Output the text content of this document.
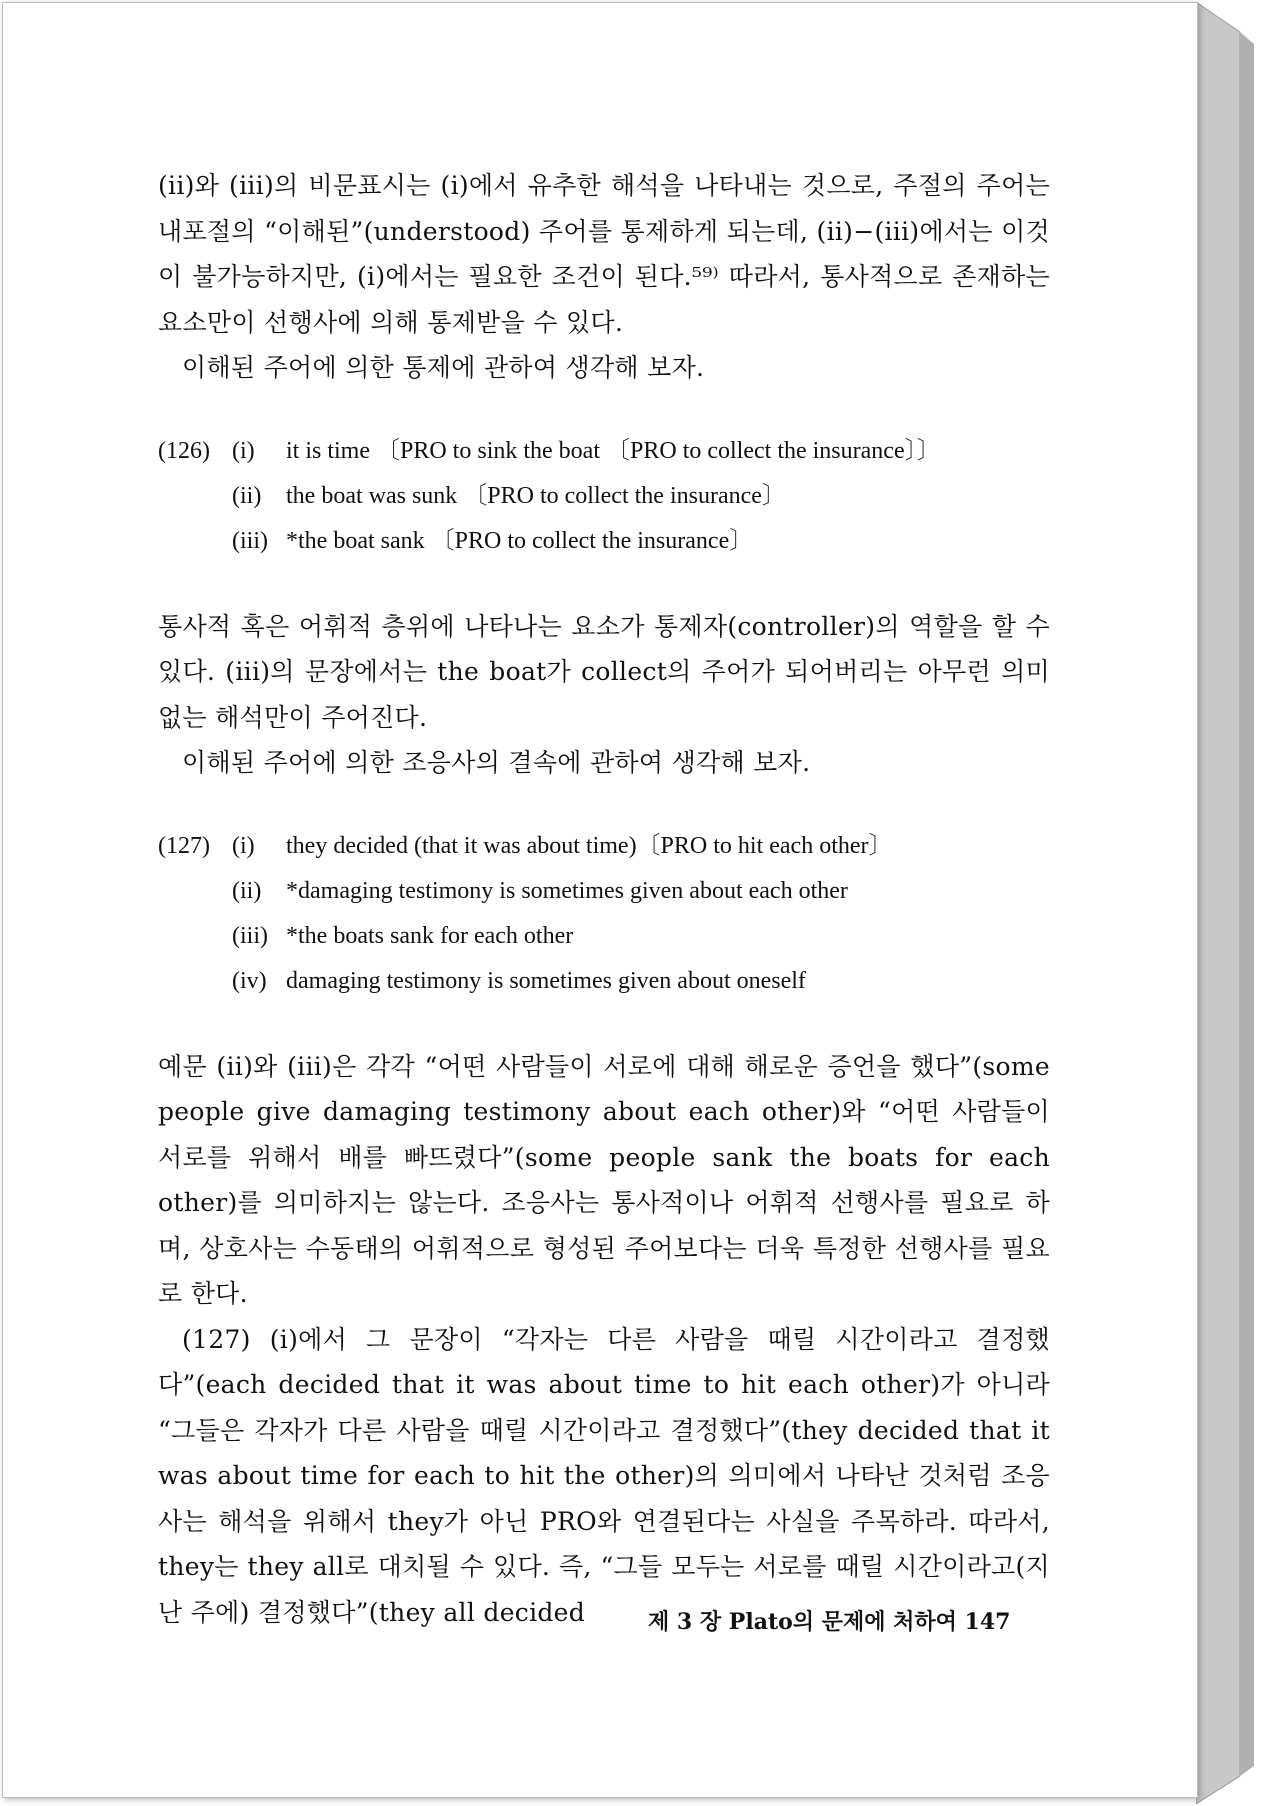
(ii)와 (iii)의 비문표시는 (i)에서 유추한 해석을 나타내는 것으로, 주절의 주어는 내포절의 “이해된”(understood) 주어를 통제하게 되는데, (ii)−(iii)에서는 이것이 불가능하지만, (i)에서는 필요한 조건이 된다.⁵⁹⁾ 따라서, 통사적으로 존재하는 요소만이 선행사에 의해 통제받을 수 있다.

이해된 주어에 의한 통제에 관하여 생각해 보자.

(126) (i)	it is time 〔PRO to sink the boat 〔PRO to collect the insurance〕〕
(ii)	the boat was sunk 〔PRO to collect the insurance〕
(iii) *the boat sank 〔PRO to collect the insurance〕

통사적 혹은 어휘적 층위에 나타나는 요소가 통제자(controller)의 역할을 할 수 있다. (iii)의 문장에서는 the boat가 collect의 주어가 되어버리는 아무런 의미없는 해석만이 주어진다.

이해된 주어에 의한 조응사의 결속에 관하여 생각해 보자.

(127) (i)	they decided (that it was about time)〔PRO to hit each other〕
(ii)	*damaging testimony is sometimes given about each other
(iii) *the boats sank for each other
(iv) damaging testimony is sometimes given about oneself

예문 (ii)와 (iii)은 각각 “어떤 사람들이 서로에 대해 해로운 증언을 했다”(some people give damaging testimony about each other)와 “어떤 사람들이 서로를 위해서 배를 빠뜨렸다”(some people sank the boats for each other)를 의미하지는 않는다. 조응사는 통사적이나 어휘적 선행사를 필요로 하며, 상호사는 수동태의 어휘적으로 형성된 주어보다는 더욱 특정한 선행사를 필요로 한다.

(127) (i)에서 그 문장이 “각자는 다른 사람을 때릴 시간이라고 결정했다”(each decided that it was about time to hit each other)가 아니라 “그들은 각자가 다른 사람을 때릴 시간이라고 결정했다”(they decided that it was about time for each to hit the other)의 의미에서 나타난 것처럼 조응사는 해석을 위해서 they가 아닌 PRO와 연결된다는 사실을 주목하라. 따라서, they는 they all로 대치될 수 있다. 즉, “그들 모두는 서로를 때릴 시간이라고(지난 주에) 결정했다”(they all decided	제 3 장 Plato의 문제에 처하여 147
